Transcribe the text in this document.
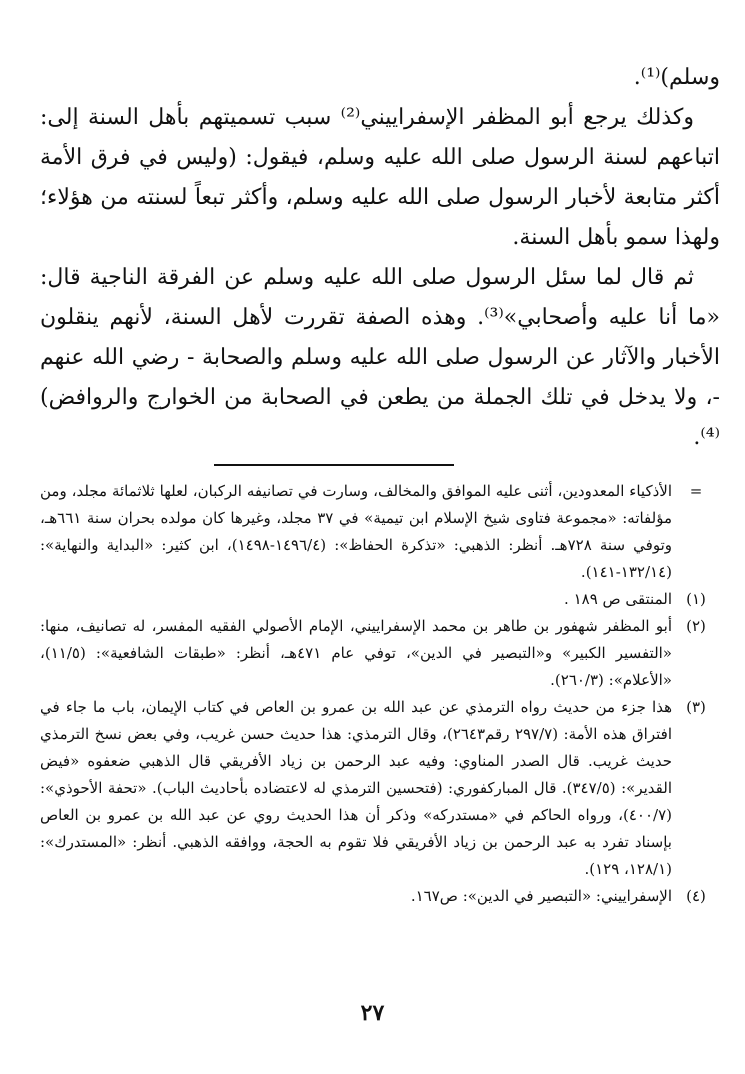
وسلم)⁽¹⁾.

وكذلك يرجع أبو المظفر الإسفراييني⁽²⁾ سبب تسميتهم بأهل السنة إلى: اتباعهم لسنة الرسول صلى الله عليه وسلم، فيقول: (وليس في فرق الأمة أكثر متابعة لأخبار الرسول صلى الله عليه وسلم، وأكثر تبعاً لسنته من هؤلاء؛ ولهذا سمو بأهل السنة.

ثم قال لما سئل الرسول صلى الله عليه وسلم عن الفرقة الناجية قال: «ما أنا عليه وأصحابي»⁽³⁾. وهذه الصفة تقررت لأهل السنة، لأنهم ينقلون الأخبار والآثار عن الرسول صلى الله عليه وسلم والصحابة - رضي الله عنهم -، ولا يدخل في تلك الجملة من يطعن في الصحابة من الخوارج والروافض)⁽⁴⁾.

=
الأذكياء المعدودين، أثنى عليه الموافق والمخالف، وسارت في تصانيفه الركبان، لعلها ثلاثمائة مجلد، ومن مؤلفاته: «مجموعة فتاوى شيخ الإسلام ابن تيمية» في ٣٧ مجلد، وغيرها كان مولده بحران سنة ٦٦١هـ، وتوفي سنة ٧٢٨هـ. أنظر: الذهبي: «تذكرة الحفاظ»: (١٤٩٦/٤-١٤٩٨)، ابن كثير: «البداية والنهاية»: (١٣٢/١٤-١٤١).
(١)
المنتقى ص ١٨٩ .
(٢)
أبو المظفر شهفور بن طاهر بن محمد الإسفراييني، الإمام الأصولي الفقيه المفسر، له تصانيف، منها: «التفسير الكبير» و«التبصير في الدين»، توفي عام ٤٧١هـ، أنظر: «طبقات الشافعية»: (١١/٥)، «الأعلام»: (٢٦٠/٣).
(٣)
هذا جزء من حديث رواه الترمذي عن عبد الله بن عمرو بن العاص في كتاب الإيمان، باب ما جاء في افتراق هذه الأمة: (٢٩٧/٧ رقم٢٦٤٣)، وقال الترمذي: هذا حديث حسن غريب، وفي بعض نسخ الترمذي حديث غريب. قال الصدر المناوي: وفيه عبد الرحمن بن زياد الأفريقي قال الذهبي ضعفوه «فيض القدير»: (٣٤٧/٥). قال المباركفوري: (فتحسين الترمذي له لاعتضاده بأحاديث الباب). «تحفة الأحوذي»: (٤٠٠/٧)، ورواه الحاكم في «مستدركه» وذكر أن هذا الحديث روي عن عبد الله بن عمرو بن العاص بإسناد تفرد به عبد الرحمن بن زياد الأفريقي فلا تقوم به الحجة، ووافقه الذهبي. أنظر: «المستدرك»: (١٢٨/١، ١٢٩).
(٤)
الإسفراييني: «التبصير في الدين»: ص١٦٧.
٢٧
